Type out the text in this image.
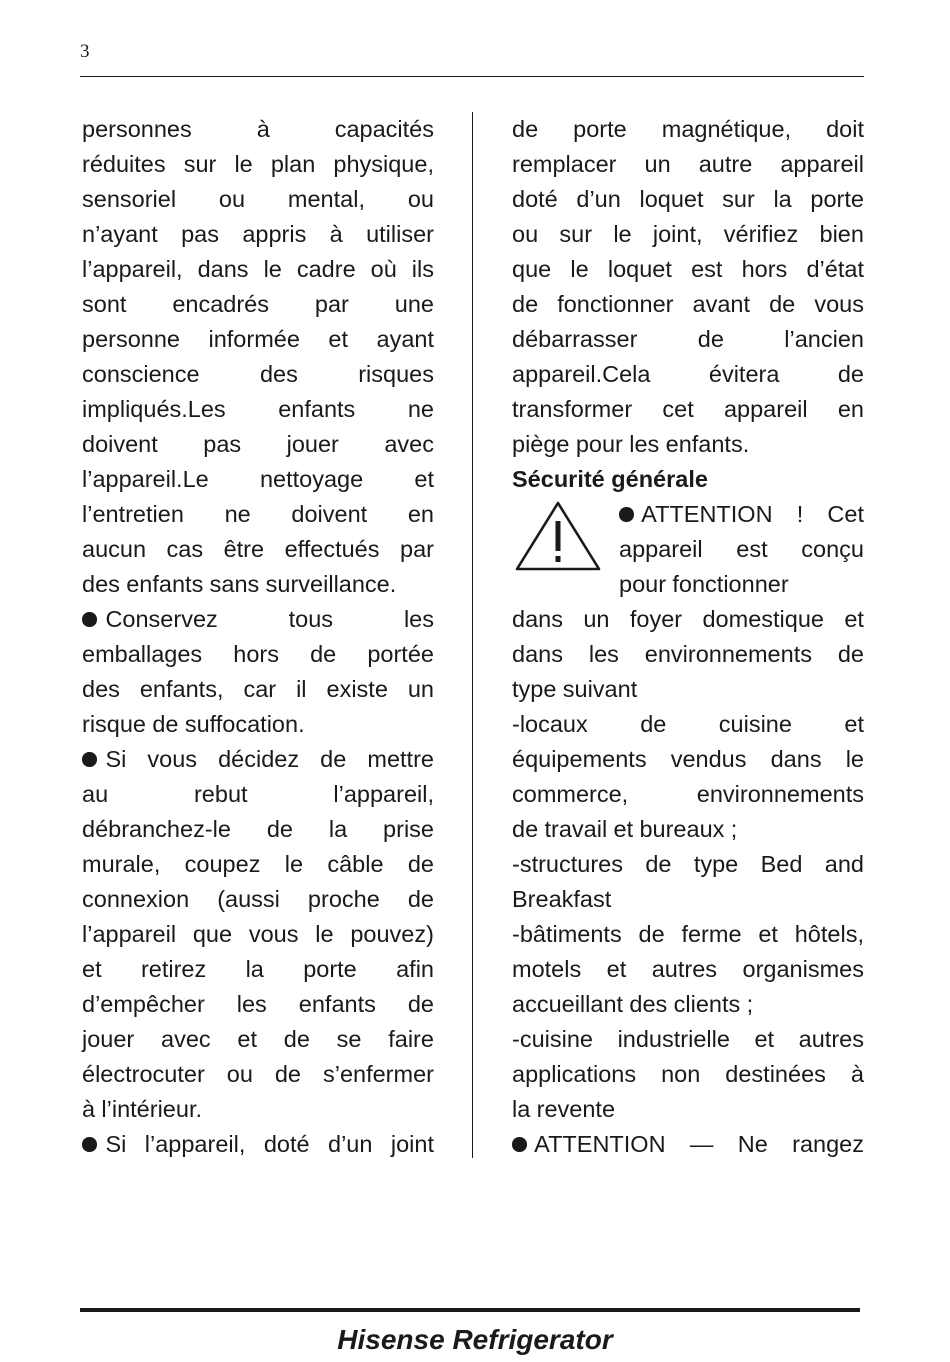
3
personnes	à	capacités
réduites sur le plan physique,
sensoriel ou mental, ou
n’ayant pas appris à utiliser
l’appareil, dans le cadre où ils
sont encadrés par une
personne informée et ayant
conscience	des	risques
impliqués.Les enfants ne
doivent pas jouer avec
l’appareil.Le nettoyage et
l’entretien ne doivent en
aucun cas être effectués par
des enfants sans surveillance.
Conservez	tous	les
emballages hors de portée
des enfants, car il existe un
risque de suffocation.
Si vous décidez de mettre
au	rebut	l’appareil,
débranchez-le de la prise
murale, coupez le câble de
connexion (aussi proche de
l’appareil que vous le pouvez)
et retirez la porte afin
d’empêcher les enfants de
jouer avec et de se faire
électrocuter ou de s’enfermer
à l’intérieur.
Si l’appareil, doté d’un joint
de porte magnétique, doit
remplacer un autre appareil
doté d’un loquet sur la porte
ou sur le joint, vérifiez bien
que le loquet est hors d’état
de fonctionner avant de vous
débarrasser	de	l’ancien
appareil.Cela évitera de
transformer cet appareil en
piège pour les enfants.
Sécurité générale
ATTENTION ! Cet
appareil est conçu
pour fonctionner
dans un foyer domestique et
dans les environnements de
type suivant
-locaux de cuisine et
équipements vendus dans le
commerce,	environnements
de travail et bureaux ;
-structures de type Bed and
Breakfast
-bâtiments de ferme et hôtels,
motels et autres organismes
accueillant des clients ;
-cuisine industrielle et autres
applications non destinées à
la revente
ATTENTION — Ne rangez
Hisense Refrigerator
